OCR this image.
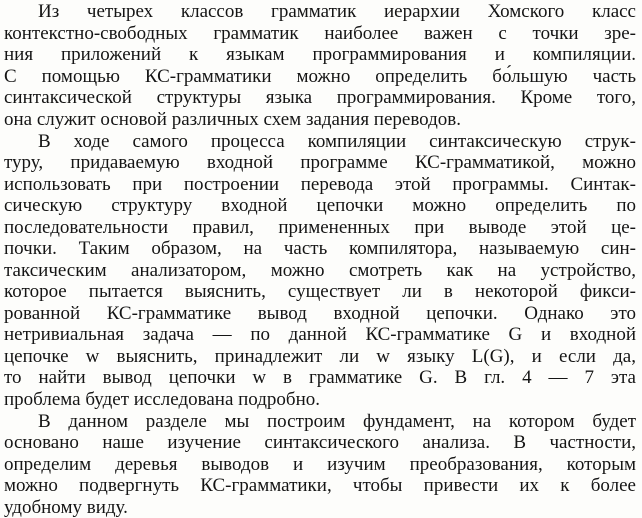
Из четырех классов грамматик иерархии Хомского класс
контекстно-свободных грамматик наиболее важен с точки зре-
ния приложений к языкам программирования и компиляции.
С помощью КС-грамматики можно определить бо́льшую часть
синтаксической структуры языка программирования. Кроме того,
она служит основой различных схем задания переводов.
В ходе самого процесса компиляции синтаксическую струк-
туру, придаваемую входной программе КС-грамматикой, можно
использовать при построении перевода этой программы. Синтак-
сическую структуру входной цепочки можно определить по
последовательности правил, примененных при выводе этой це-
почки. Таким образом, на часть компилятора, называемую син-
таксическим анализатором, можно смотреть как на устройство,
которое пытается выяснить, существует ли в некоторой фикси-
рованной КС-грамматике вывод входной цепочки. Однако это
нетривиальная задача — по данной КС-грамматике G и входной
цепочке w выяснить, принадлежит ли w языку L(G), и если да,
то найти вывод цепочки w в грамматике G. В гл. 4 — 7 эта
проблема будет исследована подробно.
В данном разделе мы построим фундамент, на котором будет
основано наше изучение синтаксического анализа. В частности,
определим деревья выводов и изучим преобразования, которым
можно подвергнуть КС-грамматики, чтобы привести их к более
удобному виду.
